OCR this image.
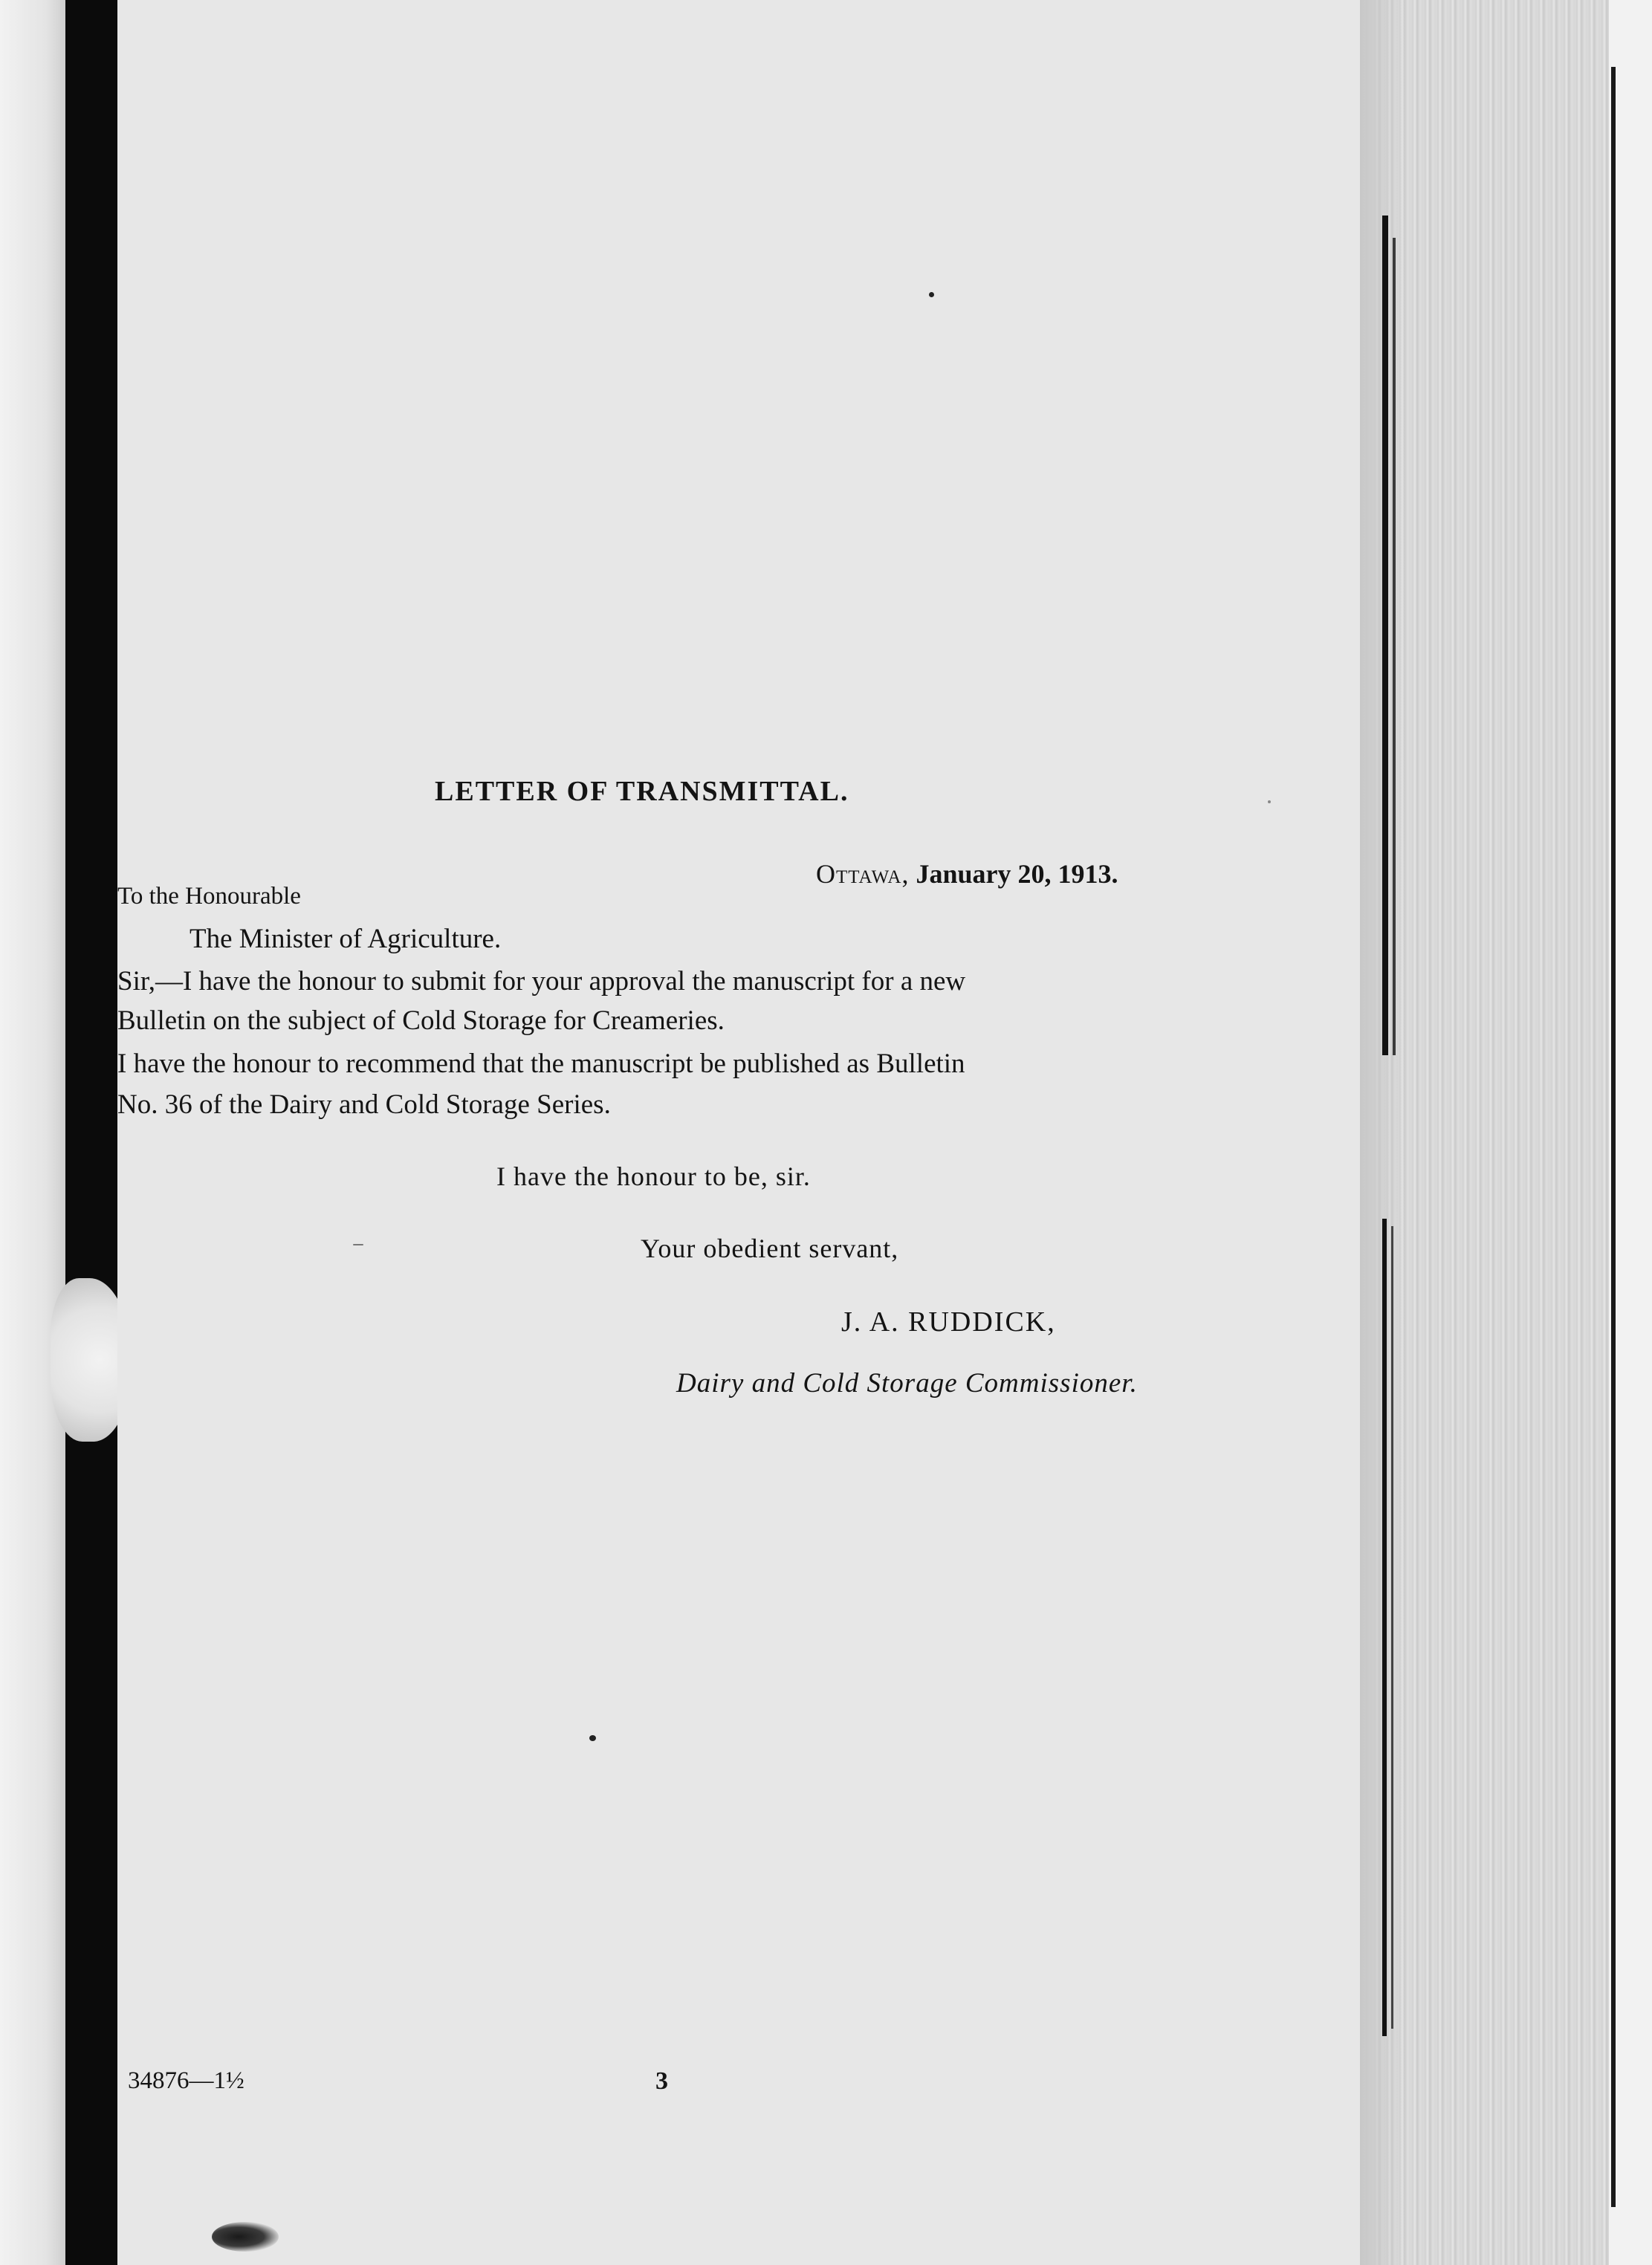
LETTER OF TRANSMITTAL.
Ottawa, January 20, 1913.
To the Honourable
The Minister of Agriculture.
Sir,—I have the honour to submit for your approval the manuscript for a new
Bulletin on the subject of Cold Storage for Creameries.
I have the honour to recommend that the manuscript be published as Bulletin
No. 36 of the Dairy and Cold Storage Series.
I have the honour to be, sir.
Your obedient servant,
J. A. RUDDICK,
Dairy and Cold Storage Commissioner.
34876—1½	3
